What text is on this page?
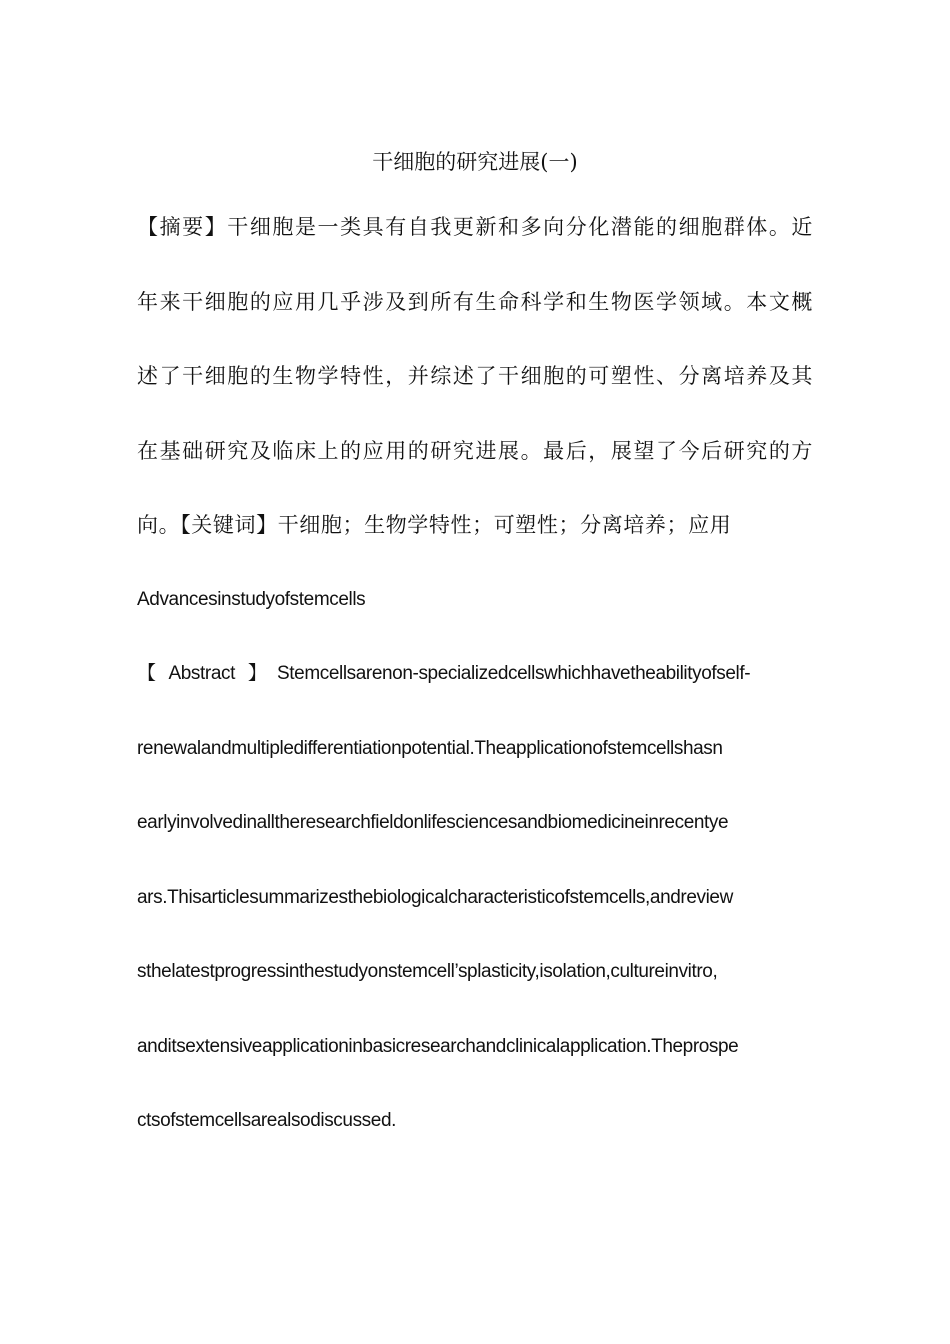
干细胞的研究进展(一)
【摘要】干细胞是一类具有自我更新和多向分化潜能的细胞群体。近
年来干细胞的应用几乎涉及到所有生命科学和生物医学领域。本文概
述了干细胞的生物学特性，并综述了干细胞的可塑性、分离培养及其
在基础研究及临床上的应用的研究进展。最后，展望了今后研究的方
向。【关键词】干细胞；生物学特性；可塑性；分离培养；应用
Advancesinstudyofstemcells
【 Abstract 】 Stemcellsarenon-specializedcellswhichhavetheabilityofself-
renewalandmultipledifferentiationpotential.Theapplicationofstemcellshasn
earlyinvolvedinalltheresearchfieldonlifesciencesandbiomedicineinrecentye
ars.Thisarticlesummarizesthebiologicalcharacteristicofstemcells,andreview
sthelatestprogressinthestudyonstemcell’splasticity,isolation,cultureinvitro,
anditsextensiveapplicationinbasicresearchandclinicalapplication.Theprospe
ctsofstemcellsarealsodiscussed.
